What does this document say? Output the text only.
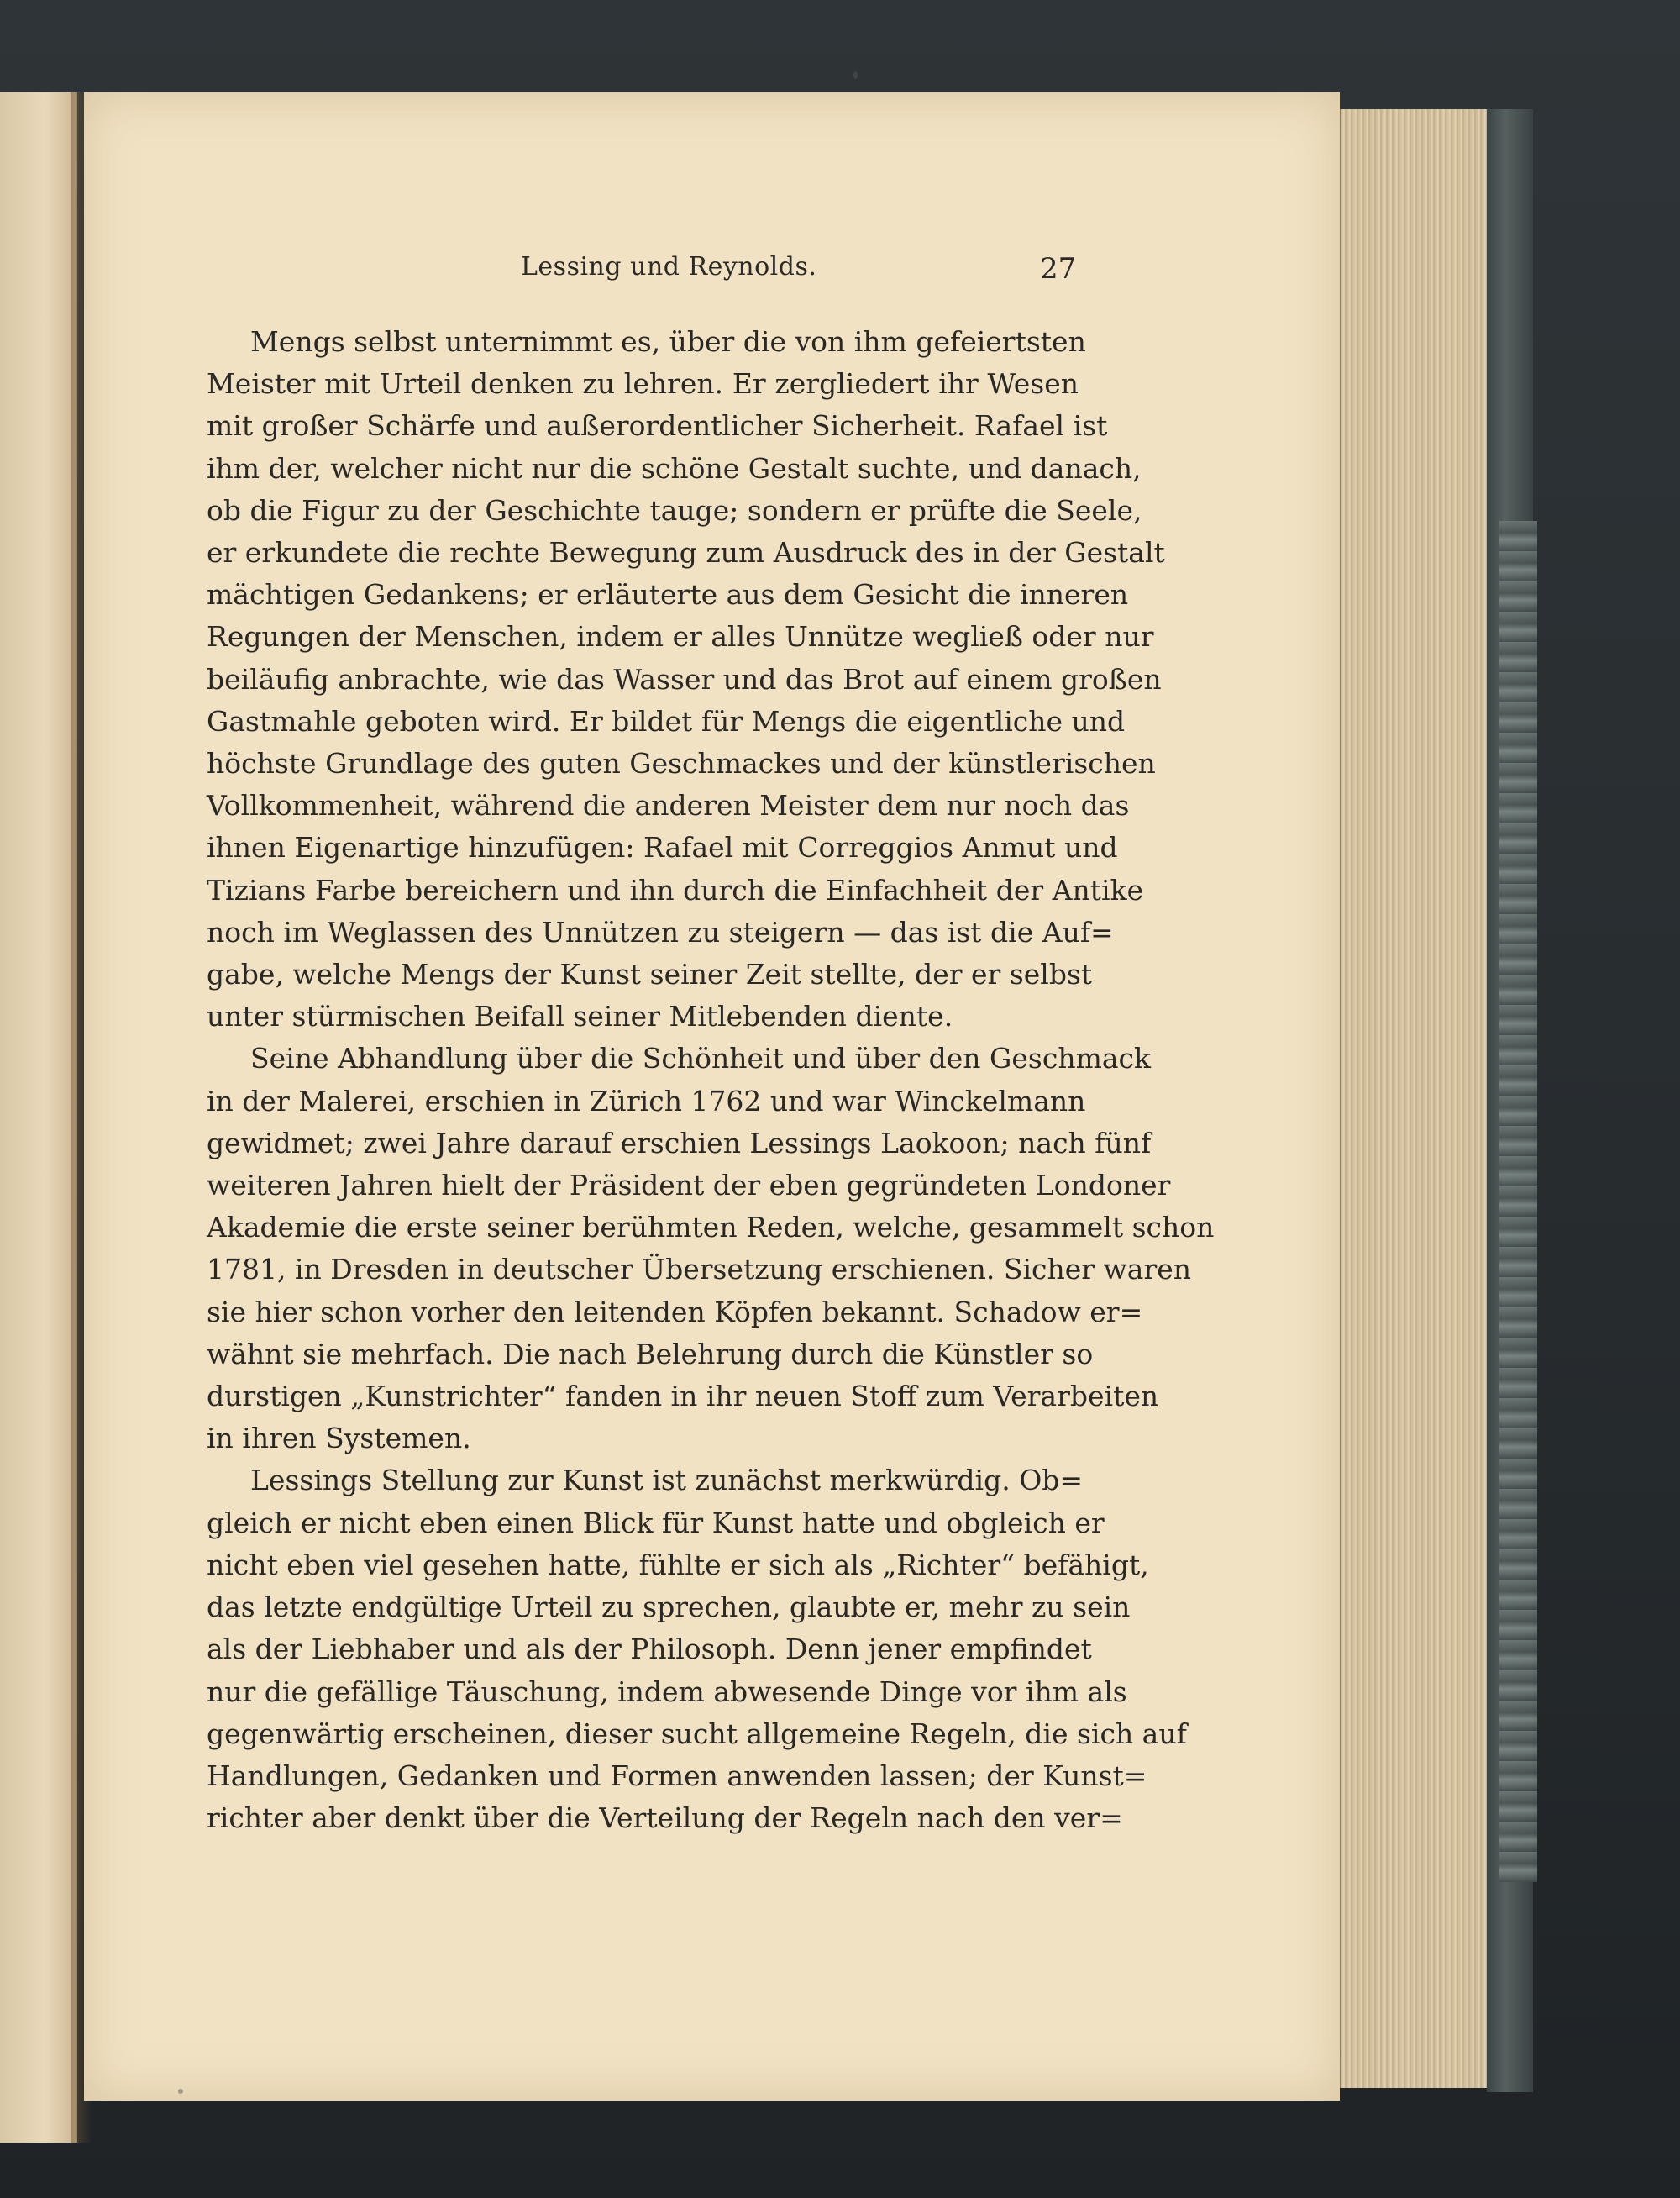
Lessing und Reynolds.	27
Mengs selbst unternimmt es, über die von ihm gefeiertsten
Meister mit Urteil denken zu lehren. Er zergliedert ihr Wesen
mit großer Schärfe und außerordentlicher Sicherheit. Rafael ist
ihm der, welcher nicht nur die schöne Gestalt suchte, und danach,
ob die Figur zu der Geschichte tauge; sondern er prüfte die Seele,
er erkundete die rechte Bewegung zum Ausdruck des in der Gestalt
mächtigen Gedankens; er erläuterte aus dem Gesicht die inneren
Regungen der Menschen, indem er alles Unnütze wegließ oder nur
beiläufig anbrachte, wie das Wasser und das Brot auf einem großen
Gastmahle geboten wird. Er bildet für Mengs die eigentliche und
höchste Grundlage des guten Geschmackes und der künstlerischen
Vollkommenheit, während die anderen Meister dem nur noch das
ihnen Eigenartige hinzufügen: Rafael mit Correggios Anmut und
Tizians Farbe bereichern und ihn durch die Einfachheit der Antike
noch im Weglassen des Unnützen zu steigern — das ist die Auf=
gabe, welche Mengs der Kunst seiner Zeit stellte, der er selbst
unter stürmischen Beifall seiner Mitlebenden diente.
Seine Abhandlung über die Schönheit und über den Geschmack
in der Malerei, erschien in Zürich 1762 und war Winckelmann
gewidmet; zwei Jahre darauf erschien Lessings Laokoon; nach fünf
weiteren Jahren hielt der Präsident der eben gegründeten Londoner
Akademie die erste seiner berühmten Reden, welche, gesammelt schon
1781, in Dresden in deutscher Übersetzung erschienen. Sicher waren
sie hier schon vorher den leitenden Köpfen bekannt. Schadow er=
wähnt sie mehrfach. Die nach Belehrung durch die Künstler so
durstigen „Kunstrichter“ fanden in ihr neuen Stoff zum Verarbeiten
in ihren Systemen.
Lessings Stellung zur Kunst ist zunächst merkwürdig. Ob=
gleich er nicht eben einen Blick für Kunst hatte und obgleich er
nicht eben viel gesehen hatte, fühlte er sich als „Richter“ befähigt,
das letzte endgültige Urteil zu sprechen, glaubte er, mehr zu sein
als der Liebhaber und als der Philosoph. Denn jener empfindet
nur die gefällige Täuschung, indem abwesende Dinge vor ihm als
gegenwärtig erscheinen, dieser sucht allgemeine Regeln, die sich auf
Handlungen, Gedanken und Formen anwenden lassen; der Kunst=
richter aber denkt über die Verteilung der Regeln nach den ver=
